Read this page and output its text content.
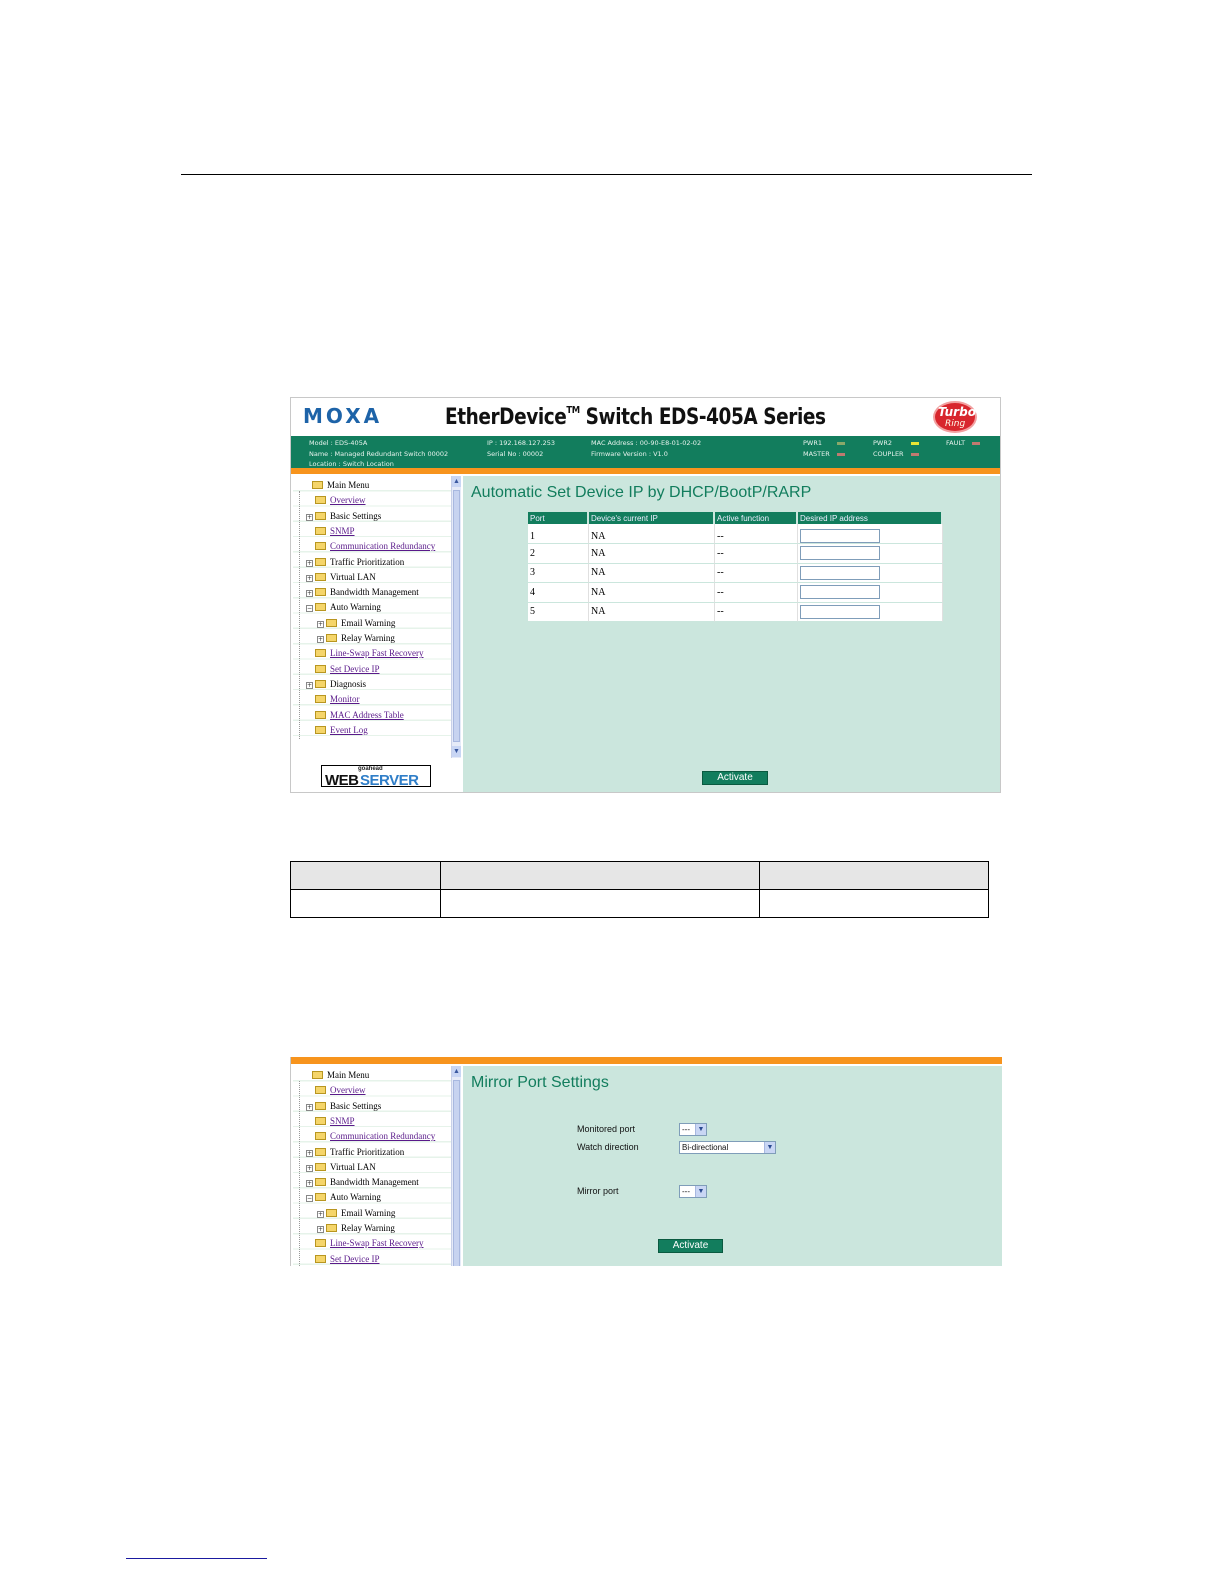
MOXA	EtherDevice™ Switch EDS-405A Series	Turbo
Ring
Model : EDS-405A
Name : Managed Redundant Switch 00002
Location : Switch Location
IP : 192.168.127.253
Serial No : 00002
MAC Address : 00-90-E8-01-02-02
Firmware Version : V1.0
PWR1	PWR2	FAULT
MASTER	COUPLER
Main Menu
Overview
+ Basic Settings
SNMP
Communication Redundancy
+ Traffic Prioritization
+ Virtual LAN
+ Bandwidth Management
− Auto Warning
+ Email Warning
+ Relay Warning
Line-Swap Fast Recovery
Set Device IP
+ Diagnosis
Monitor
MAC Address Table
Event Log
▲
▼
goahead
WEB SERVER
Automatic Set Device IP by DHCP/BootP/RARP
Port	Device's current IP	Active function	Desired IP address
1	NA	--	
2	NA	--	
3	NA	--	
4	NA	--	
5	NA	--	
Activate

Main Menu
Overview
+ Basic Settings
SNMP
Communication Redundancy
+ Traffic Prioritization
+ Virtual LAN
+ Bandwidth Management
− Auto Warning
+ Email Warning
+ Relay Warning
Line-Swap Fast Recovery
Set Device IP
▲
Mirror Port Settings
Monitored port	---	▼
Watch direction	Bi-directional	▼
Mirror port	---	▼
Activate
